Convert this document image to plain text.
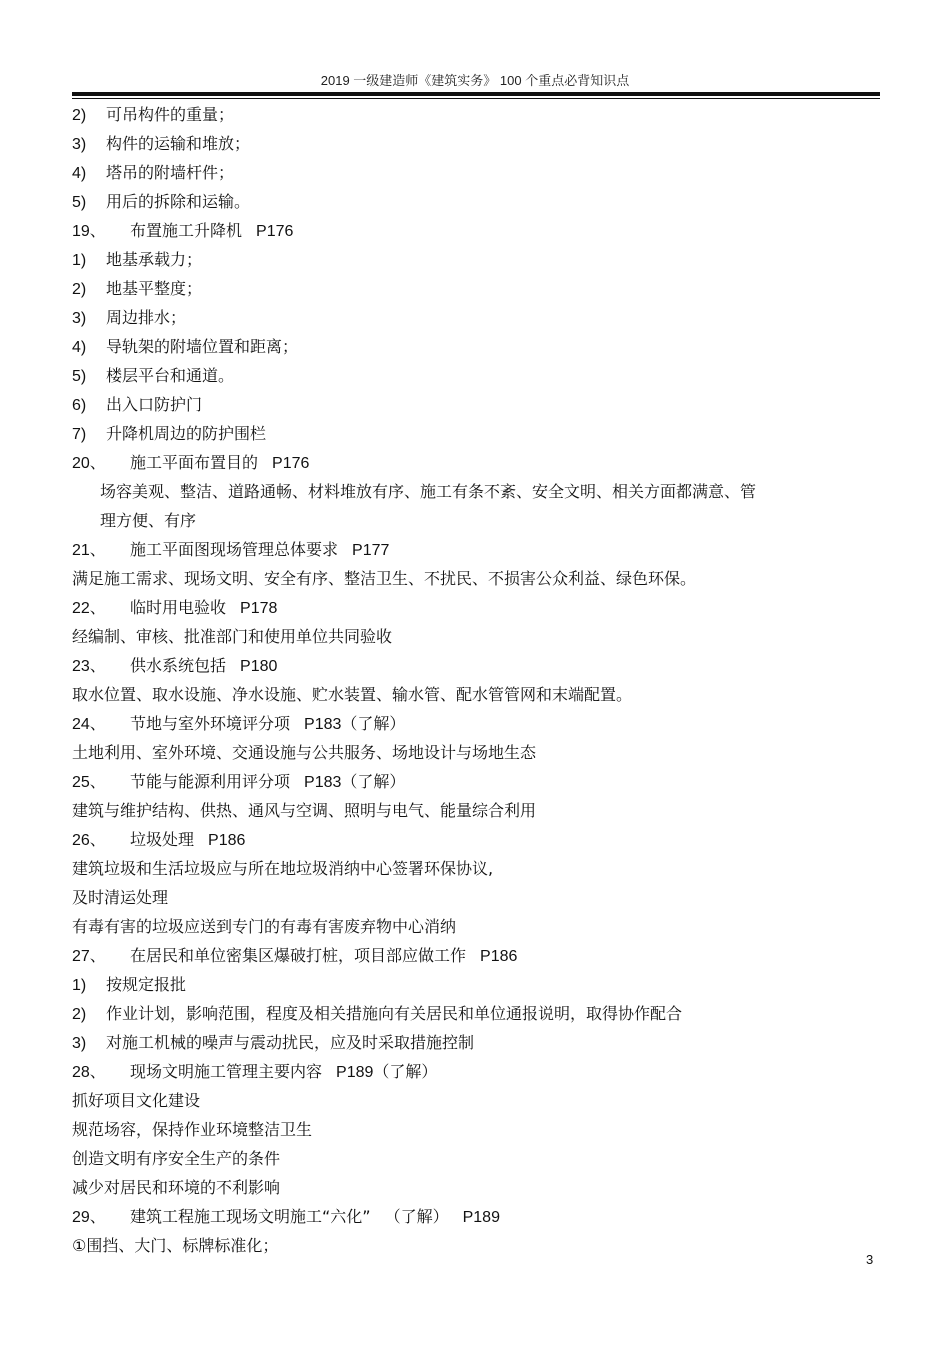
2019 一级建造师《建筑实务》 100 个重点必背知识点
2) 可吊构件的重量；
3) 构件的运输和堆放；
4) 塔吊的附墙杆件；
5) 用后的拆除和运输。
19、 布置施工升降机 P176
1) 地基承载力；
2) 地基平整度；
3) 周边排水；
4) 导轨架的附墙位置和距离；
5) 楼层平台和通道。
6) 出入口防护门
7) 升降机周边的防护围栏
20、 施工平面布置目的 P176
场容美观、整洁、道路通畅、材料堆放有序、施工有条不紊、安全文明、相关方面都满意、管
理方便、有序
21、 施工平面图现场管理总体要求 P177
满足施工需求、现场文明、安全有序、整洁卫生、不扰民、不损害公众利益、绿色环保。
22、 临时用电验收 P178
经编制、审核、批准部门和使用单位共同验收
23、 供水系统包括 P180
取水位置、取水设施、净水设施、贮水装置、输水管、配水管管网和末端配置。
24、 节地与室外环境评分项 P183（了解）
土地利用、室外环境、交通设施与公共服务、场地设计与场地生态
25、 节能与能源利用评分项 P183（了解）
建筑与维护结构、供热、通风与空调、照明与电气、能量综合利用
26、 垃圾处理 P186
建筑垃圾和生活垃圾应与所在地垃圾消纳中心签署环保协议,
及时清运处理
有毒有害的垃圾应送到专门的有毒有害废弃物中心消纳
27、 在居民和单位密集区爆破打桩，项目部应做工作 P186
1) 按规定报批
2) 作业计划，影响范围，程度及相关措施向有关居民和单位通报说明，取得协作配合
3) 对施工机械的噪声与震动扰民，应及时采取措施控制
28、 现场文明施工管理主要内容 P189（了解）
抓好项目文化建设
规范场容，保持作业环境整洁卫生
创造文明有序安全生产的条件
减少对居民和环境的不利影响
29、 建筑工程施工现场文明施工“六化” （了解） P189
①围挡、大门、标牌标准化；
3
